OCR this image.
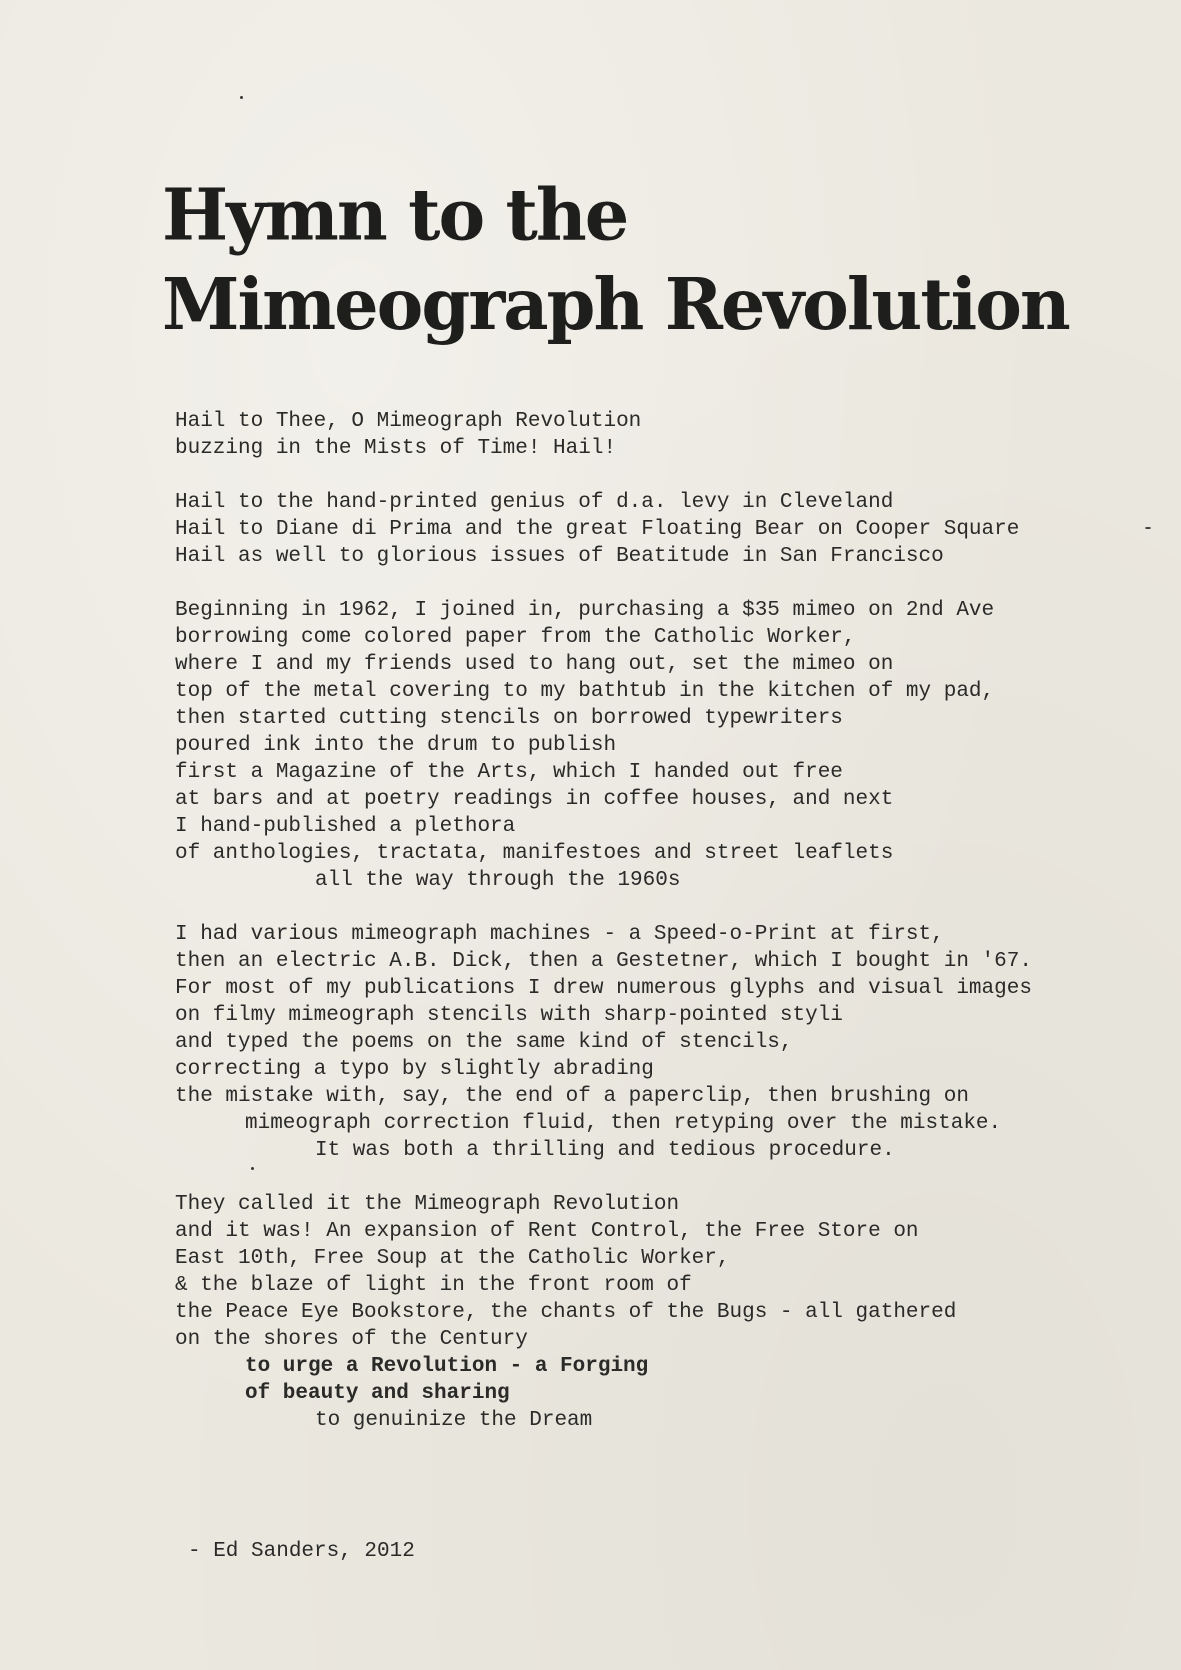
Hymn to the
Mimeograph Revolution
Hail to Thee, O Mimeograph Revolution
buzzing in the Mists of Time! Hail!
Hail to the hand-printed genius of d.a. levy in Cleveland
Hail to Diane di Prima and the great Floating Bear on Cooper Square
Hail as well to glorious issues of Beatitude in San Francisco
Beginning in 1962, I joined in, purchasing a $35 mimeo on 2nd Ave
borrowing come colored paper from the Catholic Worker,
where I and my friends used to hang out, set the mimeo on
top of the metal covering to my bathtub in the kitchen of my pad,
then started cutting stencils on borrowed typewriters
poured ink into the drum to publish
first a Magazine of the Arts, which I handed out free
at bars and at poetry readings in coffee houses, and next
I hand-published a plethora
of anthologies, tractata, manifestoes and street leaflets
all the way through the 1960s
I had various mimeograph machines - a Speed-o-Print at first,
then an electric A.B. Dick, then a Gestetner, which I bought in '67.
For most of my publications I drew numerous glyphs and visual images
on filmy mimeograph stencils with sharp-pointed styli
and typed the poems on the same kind of stencils,
correcting a typo by slightly abrading
the mistake with, say, the end of a paperclip, then brushing on
mimeograph correction fluid, then retyping over the mistake.
It was both a thrilling and tedious procedure.
They called it the Mimeograph Revolution
and it was! An expansion of Rent Control, the Free Store on
East 10th, Free Soup at the Catholic Worker,
& the blaze of light in the front room of
the Peace Eye Bookstore, the chants of the Bugs - all gathered
on the shores of the Century
to urge a Revolution - a Forging
of beauty and sharing
to genuinize the Dream
- Ed Sanders, 2012
